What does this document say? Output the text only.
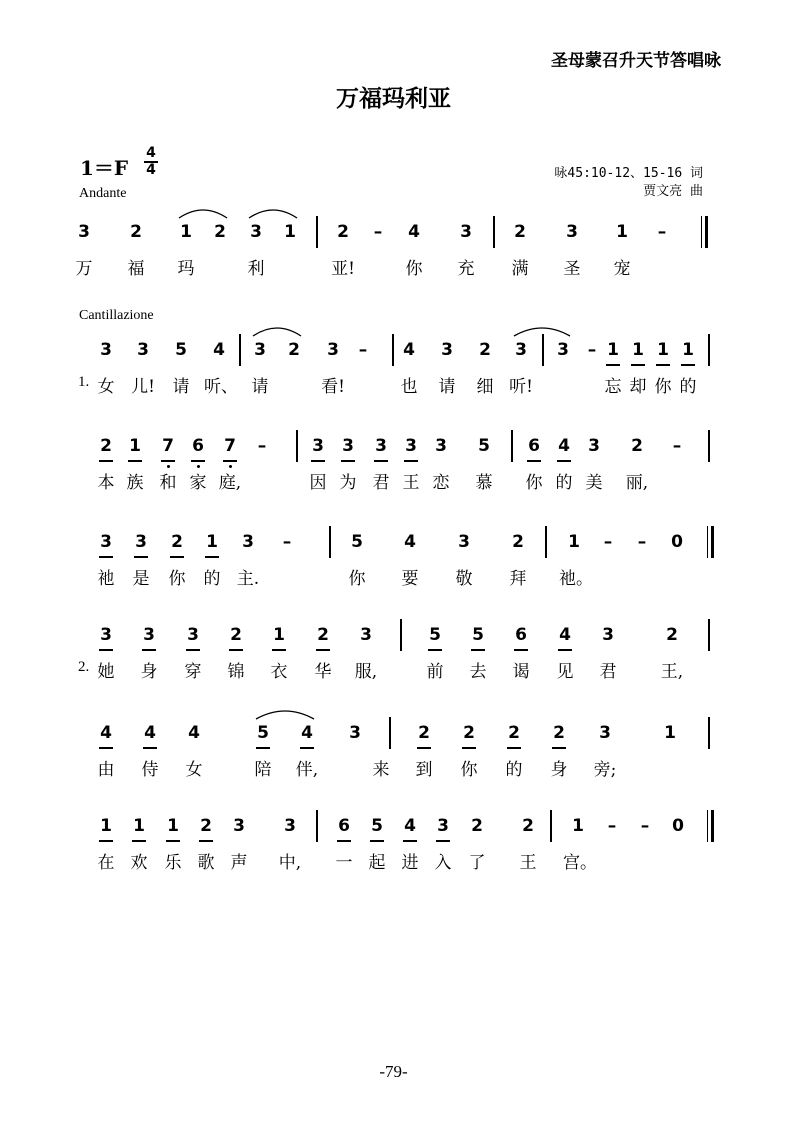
圣母蒙召升天节答唱咏
万福玛利亚
1＝F
4
4	咏45:10-12、15-16 词
贾文亮 曲
Andante
3 2 1 2 3 1 2	–	4 3 2 3 1	–
万	福	玛	利	亚!	你	充	满	圣	宠
Cantillazione
1.
3 3 5 4 3 2 3	–	4 3 2 3 3	– 1 1 1 1
女 儿!	请 听、 请	看!	也	请	细 听!	忘 却 你 的
2 1 7 6 7	–	3 3 3 3 3 5 6 4 3 2	–
本 族 和 家 庭,	因 为 君 王 恋	慕	你 的 美	丽,
3 3 2 1 3	–	5 4 3 2	1	–	–	0
祂	是	你	的 主.	你	要	敬	拜	祂。
2.
3 3 3 2 1 2 3	5 5 6 4 3	2
她	身	穿	锦	衣	华	服,	前	去	谒	见	君	王,
4 4 4	5 4 3	2 2 2 2 3	1
由	侍	女	陪	伴,	来	到	你	的	身	旁;
1 1 1 2 3 3 6 5 4 3 2 2 1	–	–	0
在 欢	乐 歌 声	中,	一 起 进 入	了	王	宫。
-79-
